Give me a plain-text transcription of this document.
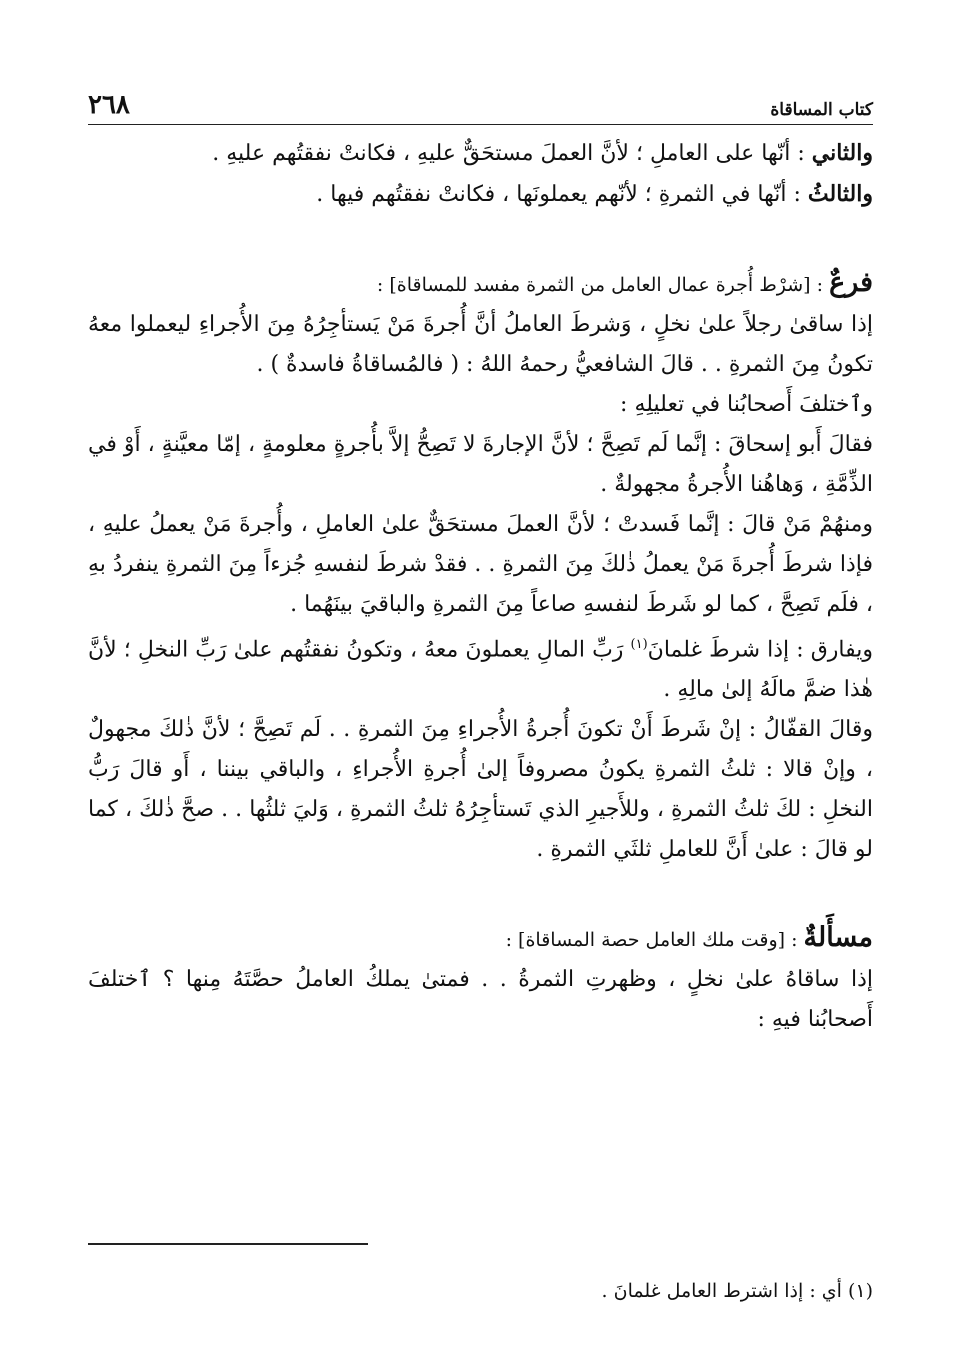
كتاب المساقاة
٢٦٨

والثاني : أنّها على العاملِ ؛ لأنَّ العملَ مستحَقٌّ عليهِ ، فكانتْ نفقتُهم عليهِ .

والثالثُ : أنّها في الثمرةِ ؛ لأنّهم يعملونَها ، فكانتْ نفقتُهم فيها .

فرعٌ : [شرْط أُجرة عمال العامل من الثمرة مفسد للمساقاة] :

إذا ساقىٰ رجلاً علىٰ نخلٍ ، وَشرطَ العاملُ أنَّ أُجرةَ مَنْ يَستأجِرُهُ مِنَ الأُجراءِ ليعملوا معهُ تكونُ مِنَ الثمرةِ . . قالَ الشافعيُّ رحمهُ اللهُ : ( فالمُساقاةُ فاسدةٌ ) .

وٱختلفَ أَصحابُنا في تعليلِهِ :

فقالَ أَبو إسحاقَ : إنَّما لَم تَصِحَّ ؛ لأنَّ الإجارةَ لا تَصِحُّ إلاَّ بأُجرةٍ معلومةٍ ، إمّا معيَّنةٍ ، أَوْ في الذِّمَّةِ ، وَهاهُنا الأُجرةُ مجهولةٌ .

ومنهُمْ مَنْ قالَ : إنَّما فَسدتْ ؛ لأنَّ العملَ مستحَقٌّ علىٰ العاملِ ، وأُجرةَ مَنْ يعملُ عليهِ ، فإذا شرطَ أُجرةَ مَنْ يعملُ ذٰلكَ مِنَ الثمرةِ . . فقدْ شرطَ لنفسهِ جُزءاً مِنَ الثمرةِ ينفردُ بهِ ، فلَم تَصِحَّ ، كما لو شَرطَ لنفسهِ صاعاً مِنَ الثمرةِ والباقيَ بينَهُما .

ويفارق : إذا شرطَ غلمانَ$^{(١)}$ رَبِّ المالِ يعملونَ معهُ ، وتكونُ نفقتُهم علىٰ رَبِّ النخلِ ؛ لأنَّ هٰذا ضمَّ مالَهُ إلىٰ مالِهِ .

وقالَ القفّالُ : إنْ شَرطَ أَنْ تكونَ أُجرةُ الأُجراءِ مِنَ الثمرةِ . . لَم تَصِحَّ ؛ لأنَّ ذٰلكَ مجهولٌ ، وإنْ قالا : ثلثُ الثمرةِ يكونُ مصروفاً إلىٰ أُجرةِ الأُجراءِ ، والباقي بيننا ، أَو قالَ رَبُّ النخلِ : لكَ ثلثُ الثمرةِ ، وللأَجيرِ الذي تَستأجِرُهُ ثلثُ الثمرةِ ، وَليَ ثلثُها . . صحَّ ذٰلكَ ، كما لو قالَ : علىٰ أَنَّ للعاملِ ثلثَي الثمرةِ .

مسأَلةٌ : [وقت ملك العامل حصة المساقاة] :

إذا ساقاهُ علىٰ نخلٍ ، وظهرتِ الثمرةُ . . فمتىٰ يملكُ العاملُ حصَّتَهُ مِنها ؟ ٱختلفَ أَصحابُنا فيهِ :

(١) أي : إذا اشترط العامل غلمانَ .
